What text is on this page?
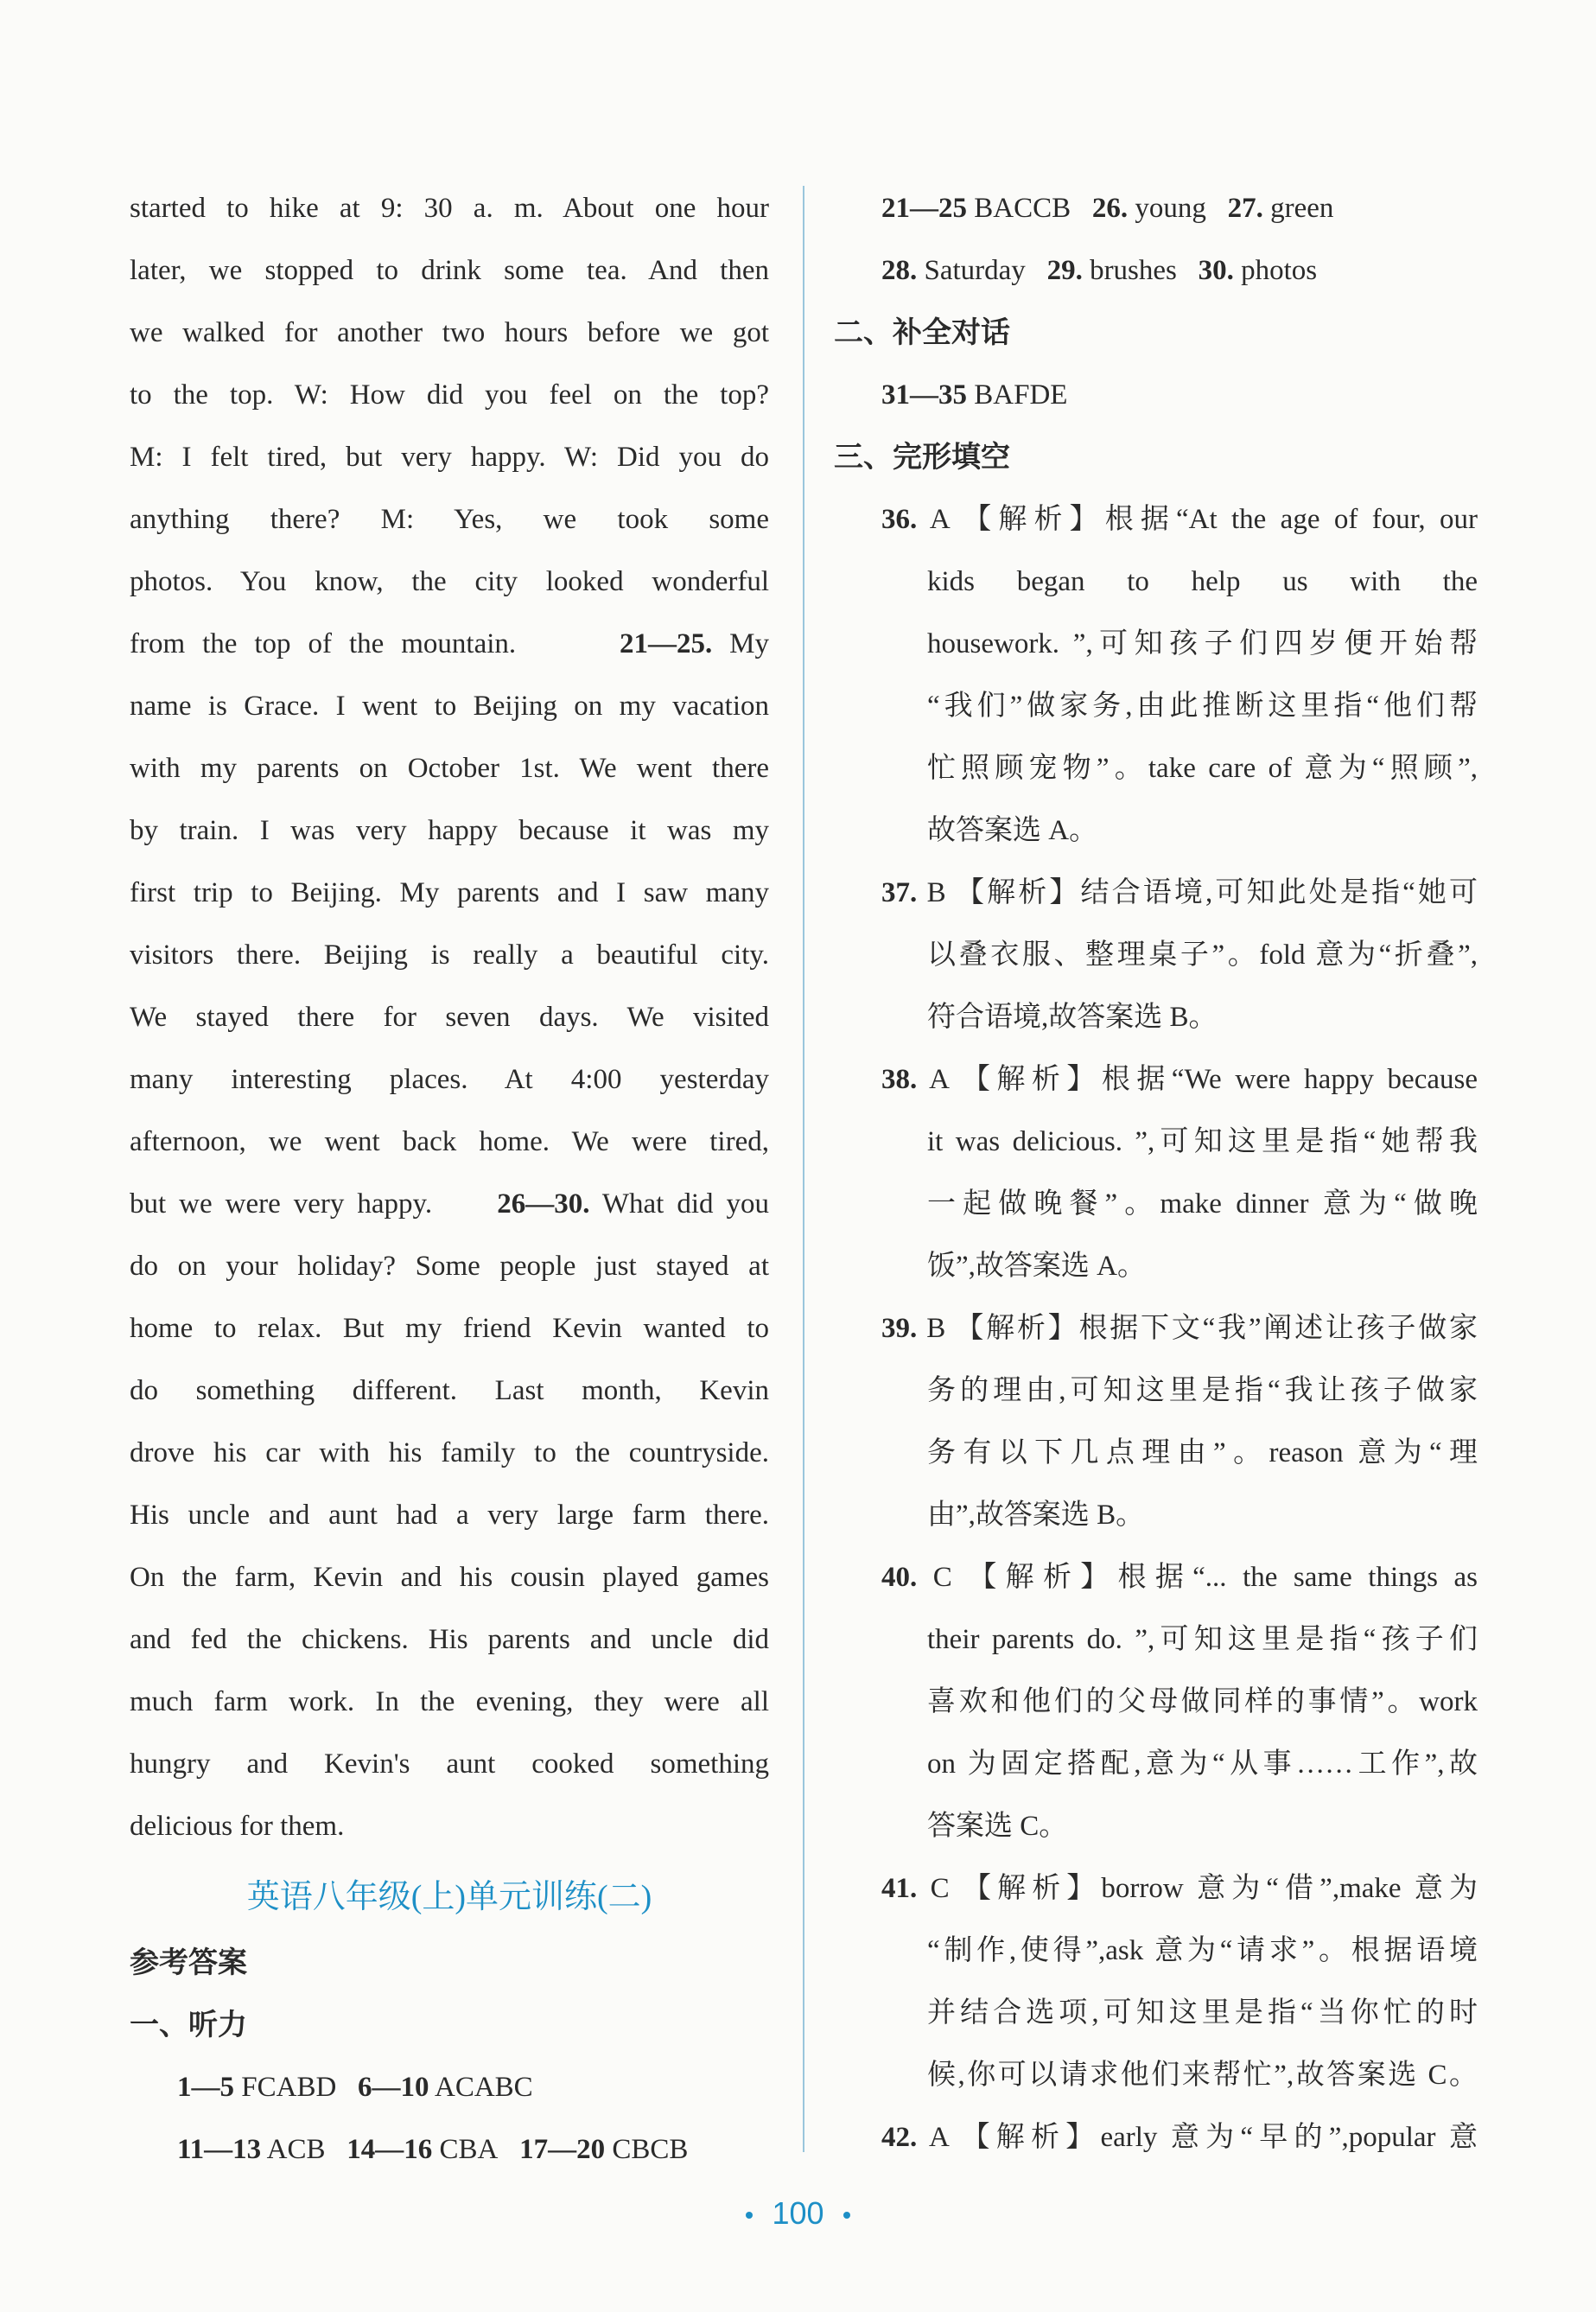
started to hike at 9: 30 a. m. About one hour
later, we stopped to drink some tea. And then
we walked for another two hours before we got
to the top. W: How did you feel on the top?
M: I felt tired, but very happy. W: Did you do
anything there? M: Yes, we took some
photos. You know, the city looked wonderful
from the top of the mountain.	21—25. My
name is Grace. I went to Beijing on my vacation
with my parents on October 1st. We went there
by train. I was very happy because it was my
first trip to Beijing. My parents and I saw many
visitors there. Beijing is really a beautiful city.
We stayed there for seven days. We visited
many interesting places. At 4:00 yesterday
afternoon, we went back home. We were tired,
but we were very happy. 26—30. What did you
do on your holiday? Some people just stayed at
home to relax. But my friend Kevin wanted to
do something different. Last month, Kevin
drove his car with his family to the countryside.
His uncle and aunt had a very large farm there.
On the farm, Kevin and his cousin played games
and fed the chickens. His parents and uncle did
much farm work. In the evening, they were all
hungry and Kevin's aunt cooked something
delicious for them.
英语八年级(上)单元训练(二)
参考答案
一、听力
1—5 FCABD 6—10 ACABC
11—13 ACB 14—16 CBA 17—20 CBCB
21—25 BACCB 26. young 27. green
28. Saturday 29. brushes 30. photos
二、补全对话
31—35 BAFDE
三、完形填空
36. A 【解析】根据“At the age of four, our
kids began to help us with the
housework. ”,可知孩子们四岁便开始帮
“我们”做家务,由此推断这里指“他们帮
忙照顾宠物”。take care of 意为“照顾”,
故答案选 A。
37. B 【解析】结合语境,可知此处是指“她可
以叠衣服、整理桌子”。fold 意为“折叠”,
符合语境,故答案选 B。
38. A 【解析】根据“We were happy because
it was delicious. ”,可知这里是指“她帮我
一起做晚餐”。make dinner 意为“做晚
饭”,故答案选 A。
39. B 【解析】根据下文“我”阐述让孩子做家
务的理由,可知这里是指“我让孩子做家
务有以下几点理由”。reason 意为“理
由”,故答案选 B。
40. C 【解析】根据“... the same things as
their parents do. ”,可知这里是指“孩子们
喜欢和他们的父母做同样的事情”。work
on 为固定搭配,意为“从事……工作”,故
答案选 C。
41. C 【解析】borrow 意为“借”,make 意为
“制作,使得”,ask 意为“请求”。根据语境
并结合选项,可知这里是指“当你忙的时
候,你可以请求他们来帮忙”,故答案选 C。
42. A 【解析】early 意为“早的”,popular 意
100
